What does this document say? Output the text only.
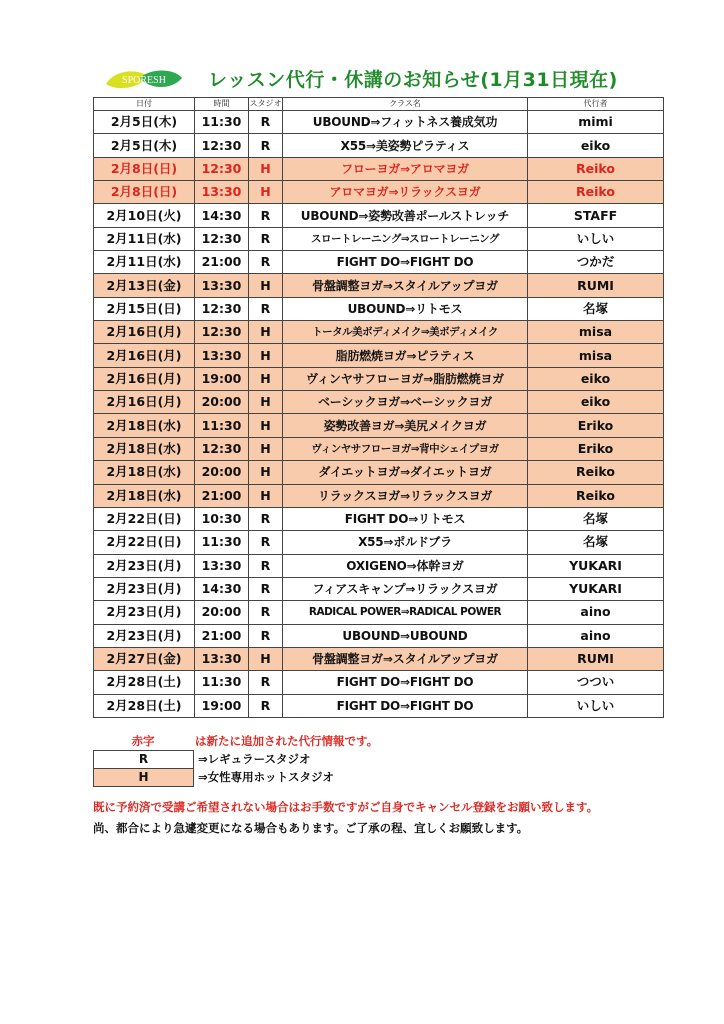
SPORESH レッスン代行・休講のお知らせ(1月31日現在)
日付	時間	スタジオ	クラス名	代行者
2月5日(木)	11:30	R	UBOUND⇒フィットネス養成気功	mimi
2月5日(木)	12:30	R	X55⇒美姿勢ピラティス	eiko
2月8日(日)	12:30	H	フローヨガ⇒アロマヨガ	Reiko
2月8日(日)	13:30	H	アロマヨガ⇒リラックスヨガ	Reiko
2月10日(火)	14:30	R	UBOUND⇒姿勢改善ポールストレッチ	STAFF
2月11日(水)	12:30	R	スロートレーニング⇒スロートレーニング	いしい
2月11日(水)	21:00	R	FIGHT DO⇒FIGHT DO	つかだ
2月13日(金)	13:30	H	骨盤調整ヨガ⇒スタイルアップヨガ	RUMI
2月15日(日)	12:30	R	UBOUND⇒リトモス	名塚
2月16日(月)	12:30	H	トータル美ボディメイク⇒美ボディメイク	misa
2月16日(月)	13:30	H	脂肪燃焼ヨガ⇒ピラティス	misa
2月16日(月)	19:00	H	ヴィンヤサフローヨガ⇒脂肪燃焼ヨガ	eiko
2月16日(月)	20:00	H	ベーシックヨガ⇒ベーシックヨガ	eiko
2月18日(水)	11:30	H	姿勢改善ヨガ⇒美尻メイクヨガ	Eriko
2月18日(水)	12:30	H	ヴィンヤサフローヨガ⇒背中シェイプヨガ	Eriko
2月18日(水)	20:00	H	ダイエットヨガ⇒ダイエットヨガ	Reiko
2月18日(水)	21:00	H	リラックスヨガ⇒リラックスヨガ	Reiko
2月22日(日)	10:30	R	FIGHT DO⇒リトモス	名塚
2月22日(日)	11:30	R	X55⇒ポルドブラ	名塚
2月23日(月)	13:30	R	OXIGENO⇒体幹ヨガ	YUKARI
2月23日(月)	14:30	R	フィアスキャンプ⇒リラックスヨガ	YUKARI
2月23日(月)	20:00	R	RADICAL POWER⇒RADICAL POWER	aino
2月23日(月)	21:00	R	UBOUND⇒UBOUND	aino
2月27日(金)	13:30	H	骨盤調整ヨガ⇒スタイルアップヨガ	RUMI
2月28日(土)	11:30	R	FIGHT DO⇒FIGHT DO	つつい
2月28日(土)	19:00	R	FIGHT DO⇒FIGHT DO	いしい
赤字	は新たに追加された代行情報です。
R	⇒レギュラースタジオ
H	⇒女性専用ホットスタジオ
既に予約済で受講ご希望されない場合はお手数ですがご自身でキャンセル登録をお願い致します。
尚、都合により急遽変更になる場合もあります。ご了承の程、宜しくお願致します。
